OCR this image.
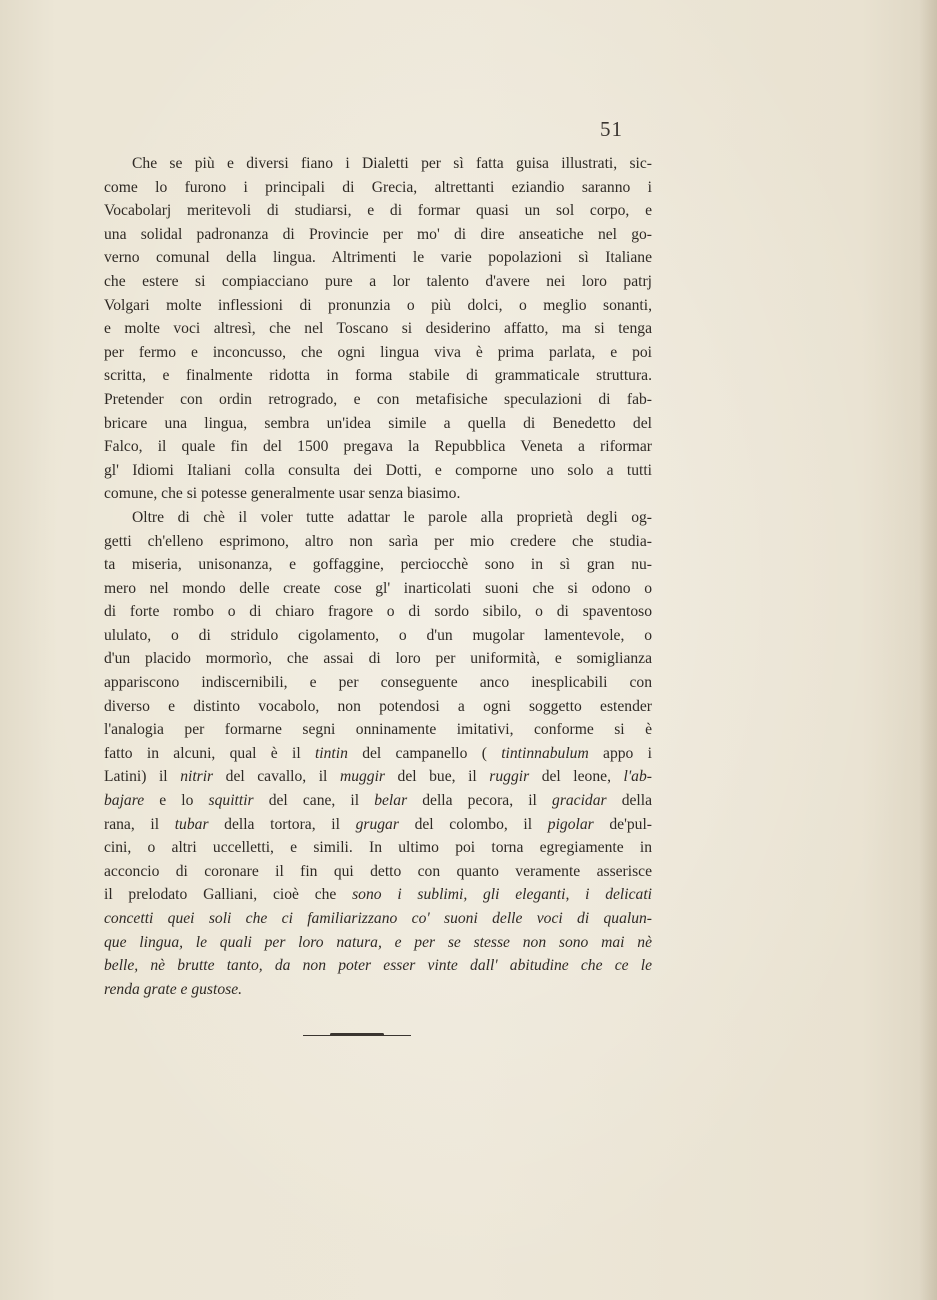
51
Che se più e diversi fiano i Dialetti per sì fatta guisa illustrati, sic-
come lo furono i principali di Grecia, altrettanti eziandio saranno i
Vocabolarj meritevoli di studiarsi, e di formar quasi un sol corpo, e
una solidal padronanza di Provincie per mo' di dire anseatiche nel go-
verno comunal della lingua. Altrimenti le varie popolazioni sì Italiane
che estere si compiacciano pure a lor talento d'avere nei loro patrj
Volgari molte inflessioni di pronunzia o più dolci, o meglio sonanti,
e molte voci altresì, che nel Toscano si desiderino affatto, ma si tenga
per fermo e inconcusso, che ogni lingua viva è prima parlata, e poi
scritta, e finalmente ridotta in forma stabile di grammaticale struttura.
Pretender con ordin retrogrado, e con metafisiche speculazioni di fab-
bricare una lingua, sembra un'idea simile a quella di Benedetto del
Falco, il quale fin del 1500 pregava la Repubblica Veneta a riformar
gl' Idiomi Italiani colla consulta dei Dotti, e comporne uno solo a tutti
comune, che si potesse generalmente usar senza biasimo.
Oltre di chè il voler tutte adattar le parole alla proprietà degli og-
getti ch'elleno esprimono, altro non sarìa per mio credere che studia-
ta miseria, unisonanza, e goffaggine, perciocchè sono in sì gran nu-
mero nel mondo delle create cose gl' inarticolati suoni che si odono o
di forte rombo o di chiaro fragore o di sordo sibilo, o di spaventoso
ululato, o di stridulo cigolamento, o d'un mugolar lamentevole, o
d'un placido mormorìo, che assai di loro per uniformità, e somiglianza
appariscono indiscernibili, e per conseguente anco inesplicabili con
diverso e distinto vocabolo, non potendosi a ogni soggetto estender
l'analogia per formarne segni onninamente imitativi, conforme si è
fatto in alcuni, qual è il tintin del campanello ( tintinnabulum appo i
Latini) il nitrir del cavallo, il muggir del bue, il ruggir del leone, l'ab-
bajare e lo squittir del cane, il belar della pecora, il gracidar della
rana, il tubar della tortora, il grugar del colombo, il pigolar de'pul-
cini, o altri uccelletti, e simili. In ultimo poi torna egregiamente in
acconcio di coronare il fin qui detto con quanto veramente asserisce
il prelodato Galliani, cioè che sono i sublimi, gli eleganti, i delicati
concetti quei soli che ci familiarizzano co' suoni delle voci di qualun-
que lingua, le quali per loro natura, e per se stesse non sono mai nè
belle, nè brutte tanto, da non poter esser vinte dall' abitudine che ce le
renda grate e gustose.
